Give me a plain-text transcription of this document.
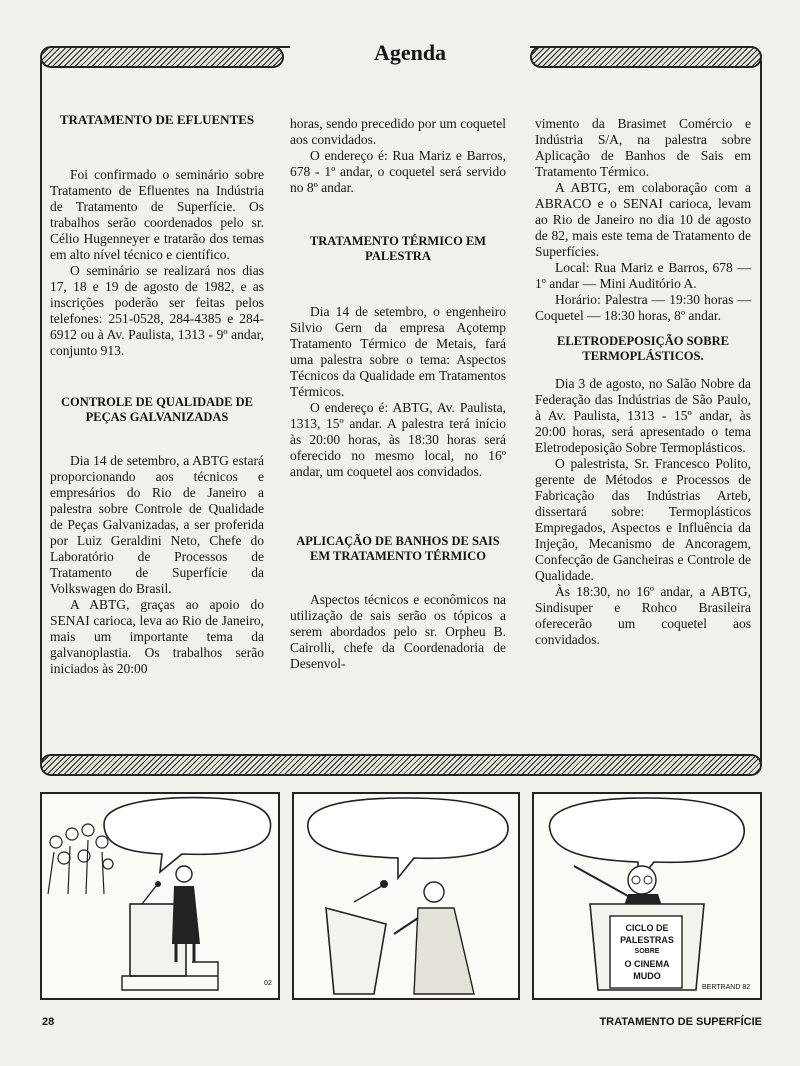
Agenda
TRATAMENTO DE EFLUENTES

Foi confirmado o seminário sobre Tratamento de Efluentes na Indústria de Tratamento de Superfície. Os trabalhos serão coordenados pelo sr. Célio Hugenneyer e tratarão dos temas em alto nível técnico e científico.

O seminário se realizará nos dias 17, 18 e 19 de agosto de 1982, e as inscrições poderão ser feitas pelos telefones: 251-0528, 284-4385 e 284-6912 ou à Av. Paulista, 1313 - 9º andar, conjunto 913.

CONTROLE DE QUALIDADE DE PEÇAS GALVANIZADAS

Dia 14 de setembro, a ABTG estará proporcionando aos técnicos e empresários do Rio de Janeiro a palestra sobre Controle de Qualidade de Peças Galvanizadas, a ser proferida por Luiz Geraldini Neto, Chefe do Laboratório de Processos de Tratamento de Superfície da Volkswagen do Brasil.

A ABTG, graças ao apoio do SENAI carioca, leva ao Rio de Janeiro, mais um importante tema da galvanoplastia. Os trabalhos serão iniciados às 20:00

horas, sendo precedido por um coquetel aos convidados.

O endereço é: Rua Mariz e Barros, 678 - 1º andar, o coquetel será servido no 8º andar.

TRATAMENTO TÉRMICO EM PALESTRA

Dia 14 de setembro, o engenheiro Silvio Gern da empresa Açotemp Tratamento Térmico de Metais, fará uma palestra sobre o tema: Aspectos Técnicos da Qualidade em Tratamentos Térmicos.

O endereço é: ABTG, Av. Paulista, 1313, 15º andar. A palestra terá início às 20:00 horas, às 18:30 horas será oferecido no mesmo local, no 16º andar, um coquetel aos convidados.

APLICAÇÃO DE BANHOS DE SAIS EM TRATAMENTO TÉRMICO

Aspectos técnicos e econômicos na utilização de sais serão os tópicos a serem abordados pelo sr. Orpheu B. Cairolli, chefe da Coordenadoria de Desenvol-

vimento da Brasimet Comércio e Indústria S/A, na palestra sobre Aplicação de Banhos de Sais em Tratamento Térmico.

A ABTG, em colaboração com a ABRACO e o SENAI carioca, levam ao Rio de Janeiro no dia 10 de agosto de 82, mais este tema de Tratamento de Superfícies.

Local: Rua Mariz e Barros, 678 — 1º andar — Mini Auditório A.

Horário: Palestra — 19:30 horas — Coquetel — 18:30 horas, 8º andar.

ELETRODEPOSIÇÃO SOBRE TERMOPLÁSTICOS.

Dia 3 de agosto, no Salão Nobre da Federação das Indústrias de São Paulo, à Av. Paulista, 1313 - 15º andar, às 20:00 horas, será apresentado o tema Eletrodeposição Sobre Termoplásticos.

O palestrista, Sr. Francesco Polito, gerente de Métodos e Processos de Fabricação das Indústrias Arteb, dissertará sobre: Termoplásticos Empregados, Aspectos e Influência da Injeção, Mecanismo de Ancoragem, Confecção de Gancheiras e Controle de Qualidade.

Às 18:30, no 16º andar, a ABTG, Sindisuper e Rohco Brasileira oferecerão um coquetel aos convidados.

02
CICLO DE
PALESTRAS
SOBRE
O CINEMA
MUDO
BERTRAND 82
28	TRATAMENTO DE SUPERFÍCIE
